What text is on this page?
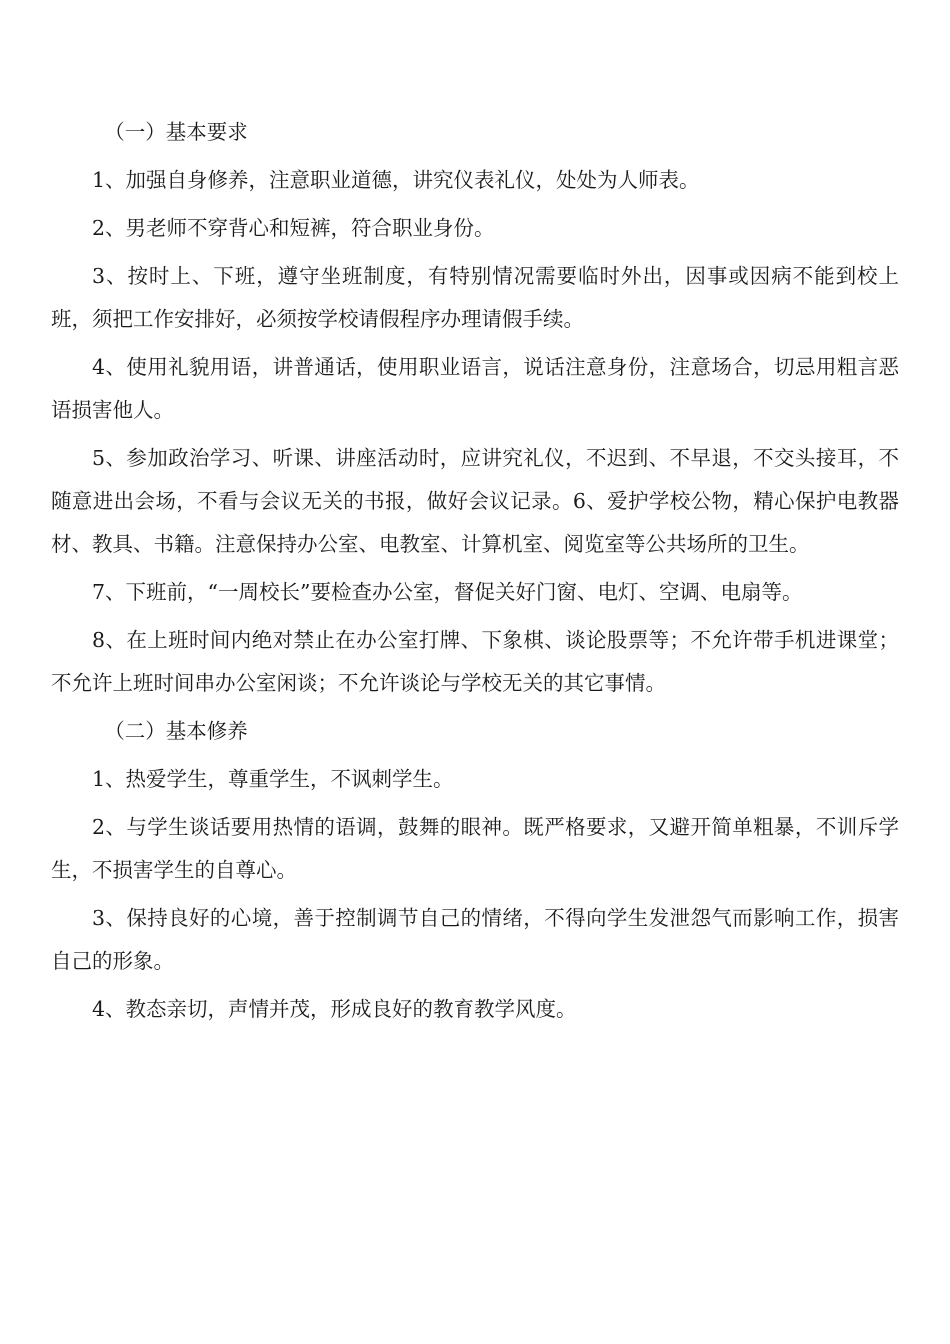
（一）基本要求

1、加强自身修养，注意职业道德，讲究仪表礼仪，处处为人师表。

2、男老师不穿背心和短裤，符合职业身份。

3、按时上、下班，遵守坐班制度，有特别情况需要临时外出，因事或因病不能到校上班，须把工作安排好，必须按学校请假程序办理请假手续。

4、使用礼貌用语，讲普通话，使用职业语言，说话注意身份，注意场合，切忌用粗言恶语损害他人。

5、参加政治学习、听课、讲座活动时，应讲究礼仪，不迟到、不早退，不交头接耳，不随意进出会场，不看与会议无关的书报，做好会议记录。6、爱护学校公物，精心保护电教器材、教具、书籍。注意保持办公室、电教室、计算机室、阅览室等公共场所的卫生。

7、下班前，“一周校长”要检查办公室，督促关好门窗、电灯、空调、电扇等。

8、在上班时间内绝对禁止在办公室打牌、下象棋、谈论股票等；不允许带手机进课堂；不允许上班时间串办公室闲谈；不允许谈论与学校无关的其它事情。

（二）基本修养

1、热爱学生，尊重学生，不讽刺学生。

2、与学生谈话要用热情的语调，鼓舞的眼神。既严格要求，又避开简单粗暴，不训斥学生，不损害学生的自尊心。

3、保持良好的心境，善于控制调节自己的情绪，不得向学生发泄怨气而影响工作，损害自己的形象。

4、教态亲切，声情并茂，形成良好的教育教学风度。
